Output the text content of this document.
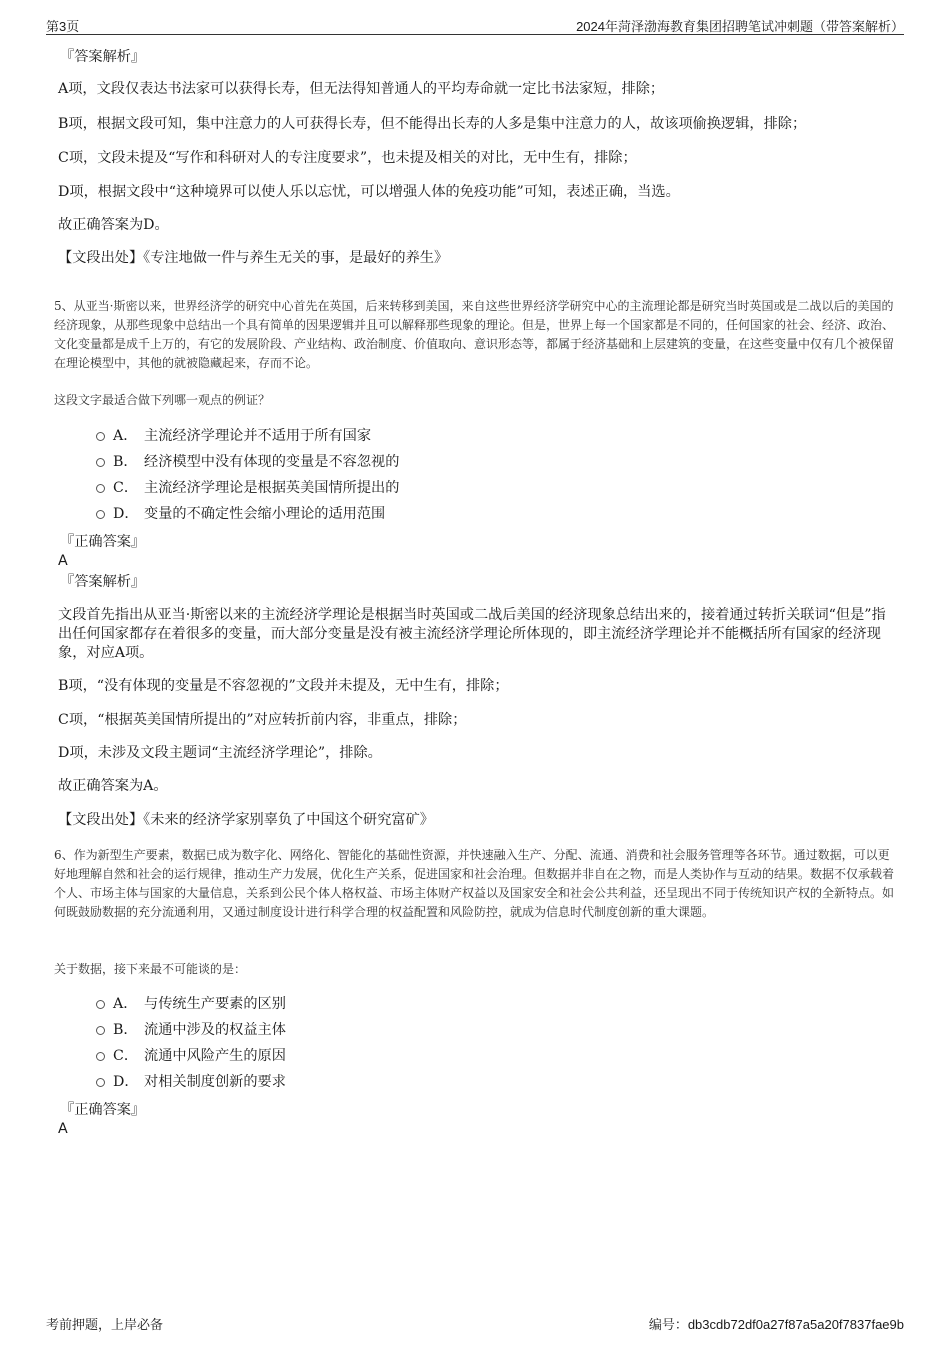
第3页	2024年菏泽渤海教育集团招聘笔试冲刺题（带答案解析）
『答案解析』

A项，文段仅表达书法家可以获得长寿，但无法得知普通人的平均寿命就一定比书法家短，排除；

B项，根据文段可知，集中注意力的人可获得长寿，但不能得出长寿的人多是集中注意力的人，故该项偷换逻辑，排除；

C项，文段未提及“写作和科研对人的专注度要求”，也未提及相关的对比，无中生有，排除；

D项，根据文段中“这种境界可以使人乐以忘忧，可以增强人体的免疫功能”可知，表述正确，当选。

故正确答案为D。

【文段出处】《专注地做一件与养生无关的事，是最好的养生》

5、从亚当·斯密以来，世界经济学的研究中心首先在英国，后来转移到美国，来自这些世界经济学研究中心的主流理论都是研究当时英国或是二战以后的美国的经济现象，从那些现象中总结出一个具有简单的因果逻辑并且可以解释那些现象的理论。但是，世界上每一个国家都是不同的，任何国家的社会、经济、政治、文化变量都是成千上万的，有它的发展阶段、产业结构、政治制度、价值取向、意识形态等，都属于经济基础和上层建筑的变量，在这些变量中仅有几个被保留在理论模型中，其他的就被隐藏起来，存而不论。

这段文字最适合做下列哪一观点的例证？

A． 主流经济学理论并不适用于所有国家
B． 经济模型中没有体现的变量是不容忽视的
C． 主流经济学理论是根据英美国情所提出的
D． 变量的不确定性会缩小理论的适用范围
『正确答案』
A
『答案解析』

文段首先指出从亚当·斯密以来的主流经济学理论是根据当时英国或二战后美国的经济现象总结出来的，接着通过转折关联词“但是”指出任何国家都存在着很多的变量，而大部分变量是没有被主流经济学理论所体现的，即主流经济学理论并不能概括所有国家的经济现象，对应A项。

B项，“没有体现的变量是不容忽视的”文段并未提及，无中生有，排除；

C项，“根据英美国情所提出的”对应转折前内容，非重点，排除；

D项，未涉及文段主题词“主流经济学理论”，排除。

故正确答案为A。

【文段出处】《未来的经济学家别辜负了中国这个研究富矿》

6、作为新型生产要素，数据已成为数字化、网络化、智能化的基础性资源，并快速融入生产、分配、流通、消费和社会服务管理等各环节。通过数据，可以更好地理解自然和社会的运行规律，推动生产力发展，优化生产关系，促进国家和社会治理。但数据并非自在之物，而是人类协作与互动的结果。数据不仅承载着个人、市场主体与国家的大量信息，关系到公民个体人格权益、市场主体财产权益以及国家安全和社会公共利益，还呈现出不同于传统知识产权的全新特点。如何既鼓励数据的充分流通利用，又通过制度设计进行科学合理的权益配置和风险防控，就成为信息时代制度创新的重大课题。

关于数据，接下来最不可能谈的是：

A． 与传统生产要素的区别
B． 流通中涉及的权益主体
C． 流通中风险产生的原因
D． 对相关制度创新的要求
『正确答案』
A
考前押题，上岸必备	编号：db3cdb72df0a27f87a5a20f7837fae9b
